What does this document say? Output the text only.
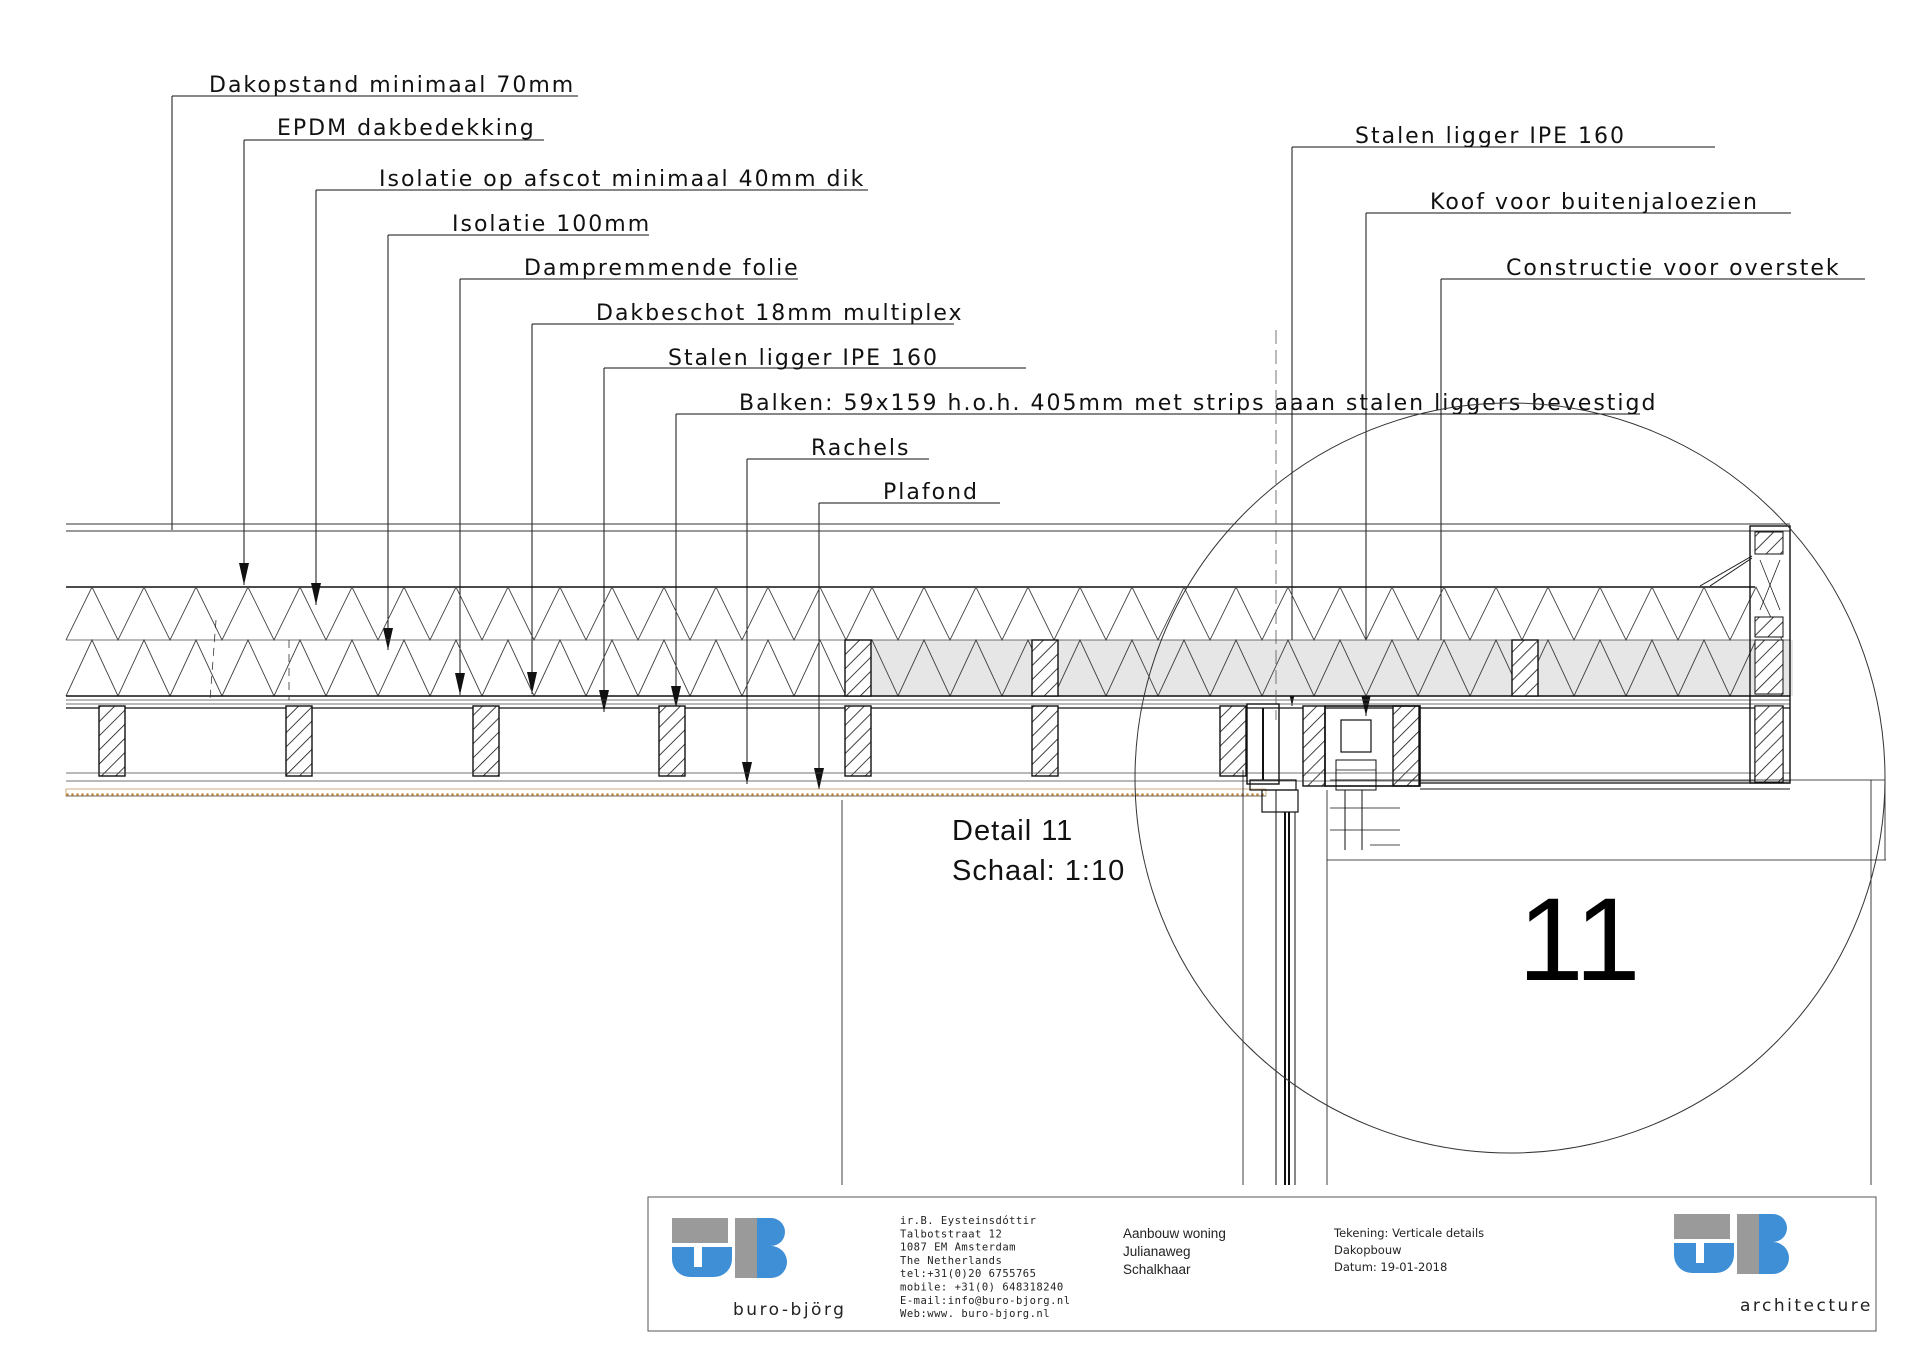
Dakopstand minimaal 70mm
EPDM dakbedekking
Isolatie op afscot minimaal 40mm dik
Isolatie 100mm
Dampremmende folie
Dakbeschot 18mm multiplex
Stalen ligger IPE 160
Balken: 59x159 h.o.h. 405mm met strips aaan stalen liggers bevestigd
Rachels
Plafond
Stalen ligger IPE 160
Koof voor buitenjaloezien
Constructie voor overstek
Detail 11
Schaal: 1:10
11
buro-björg
ir.B. Eysteinsdóttir
Talbotstraat 12
1087 EM Amsterdam
The Netherlands
tel:+31(0)20 6755765
mobile: +31(0) 648318240
E-mail:info@buro-bjorg.nl
Web:www. buro-bjorg.nl
Aanbouw woning
Julianaweg
Schalkhaar
Tekening: Verticale details
Dakopbouw
Datum: 19-01-2018
architecture
